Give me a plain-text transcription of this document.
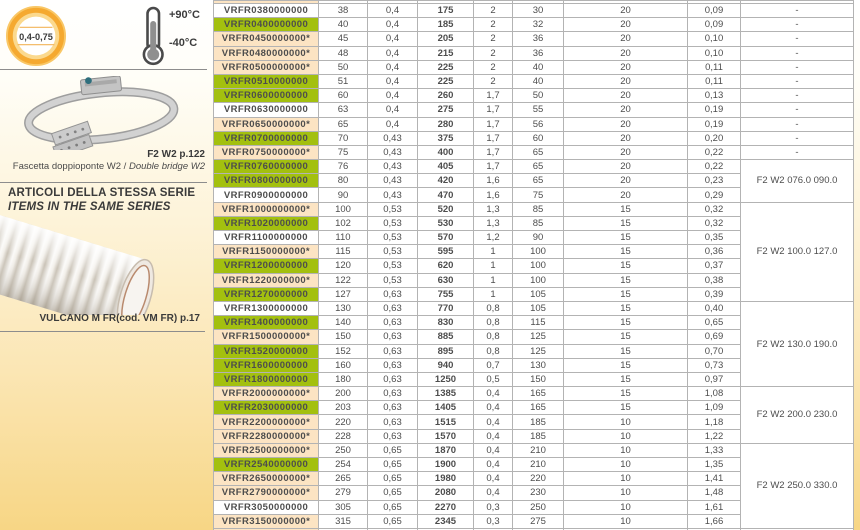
0,4-0,75
+90°C
-40°C
F2 W2 p.122
Fascetta doppioponte W2 / Double bridge W2
ARTICOLI DELLA STESSA SERIE
ITEMS IN THE SAME SERIES
VULCANO M FR(cod. VM FR) p.17

VRFR0380000000	38	0,4	175	2	30	20	0,09	-
VRFR0400000000	40	0,4	185	2	32	20	0,09	-
VRFR0450000000*	45	0,4	205	2	36	20	0,10	-
VRFR0480000000*	48	0,4	215	2	36	20	0,10	-
VRFR0500000000*	50	0,4	225	2	40	20	0,11	-
VRFR0510000000	51	0,4	225	2	40	20	0,11	-
VRFR0600000000	60	0,4	260	1,7	50	20	0,13	-
VRFR0630000000	63	0,4	275	1,7	55	20	0,19	-
VRFR0650000000*	65	0,4	280	1,7	56	20	0,19	-
VRFR0700000000	70	0,43	375	1,7	60	20	0,20	-
VRFR0750000000*	75	0,43	400	1,7	65	20	0,22	-
VRFR0760000000	76	0,43	405	1,7	65	20	0,22	F2 W2 076.0 090.0
VRFR0800000000	80	0,43	420	1,6	65	20	0,23	
VRFR0900000000	90	0,43	470	1,6	75	20	0,29	
VRFR1000000000*	100	0,53	520	1,3	85	15	0,32	F2 W2 100.0 127.0
VRFR1020000000	102	0,53	530	1,3	85	15	0,32	
VRFR1100000000	110	0,53	570	1,2	90	15	0,35	
VRFR1150000000*	115	0,53	595	1	100	15	0,36	
VRFR1200000000	120	0,53	620	1	100	15	0,37	
VRFR1220000000*	122	0,53	630	1	100	15	0,38	
VRFR1270000000	127	0,63	755	1	105	15	0,39	
VRFR1300000000	130	0,63	770	0,8	105	15	0,40	F2 W2 130.0 190.0
VRFR1400000000	140	0,63	830	0,8	115	15	0,65	
VRFR1500000000*	150	0,63	885	0,8	125	15	0,69	
VRFR1520000000	152	0,63	895	0,8	125	15	0,70	
VRFR1600000000	160	0,63	940	0,7	130	15	0,73	
VRFR1800000000	180	0,63	1250	0,5	150	15	0,97	
VRFR2000000000*	200	0,63	1385	0,4	165	15	1,08	F2 W2 200.0 230.0
VRFR2030000000	203	0,63	1405	0,4	165	15	1,09	
VRFR2200000000*	220	0,63	1515	0,4	185	10	1,18	
VRFR2280000000*	228	0,63	1570	0,4	185	10	1,22	
VRFR2500000000*	250	0,65	1870	0,4	210	10	1,33	F2 W2 250.0 330.0
VRFR2540000000	254	0,65	1900	0,4	210	10	1,35	
VRFR2650000000*	265	0,65	1980	0,4	220	10	1,41	
VRFR2790000000*	279	0,65	2080	0,4	230	10	1,48	
VRFR3050000000	305	0,65	2270	0,3	250	10	1,61	
VRFR3150000000*	315	0,65	2345	0,3	275	10	1,66	
